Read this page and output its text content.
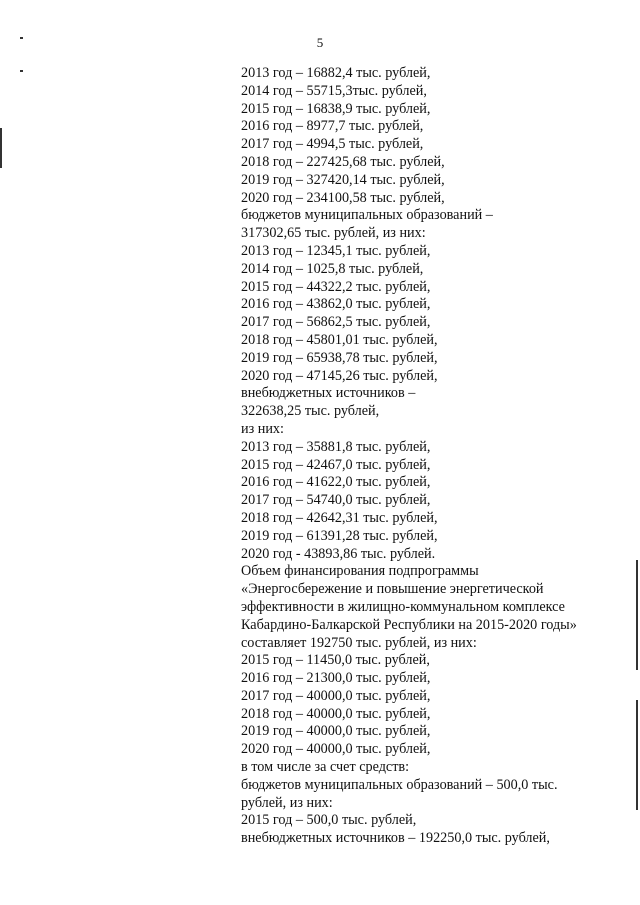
5
2013 год – 16882,4 тыс. рублей,
2014 год – 55715,3тыс. рублей,
2015 год – 16838,9 тыс. рублей,
2016 год – 8977,7 тыс. рублей,
2017 год – 4994,5 тыс. рублей,
2018 год – 227425,68 тыс. рублей,
2019 год – 327420,14 тыс. рублей,
2020 год – 234100,58 тыс. рублей,
бюджетов муниципальных образований –
317302,65 тыс. рублей, из них:
2013 год – 12345,1 тыс. рублей,
2014 год – 1025,8 тыс. рублей,
2015 год – 44322,2 тыс. рублей,
2016 год – 43862,0 тыс. рублей,
2017 год – 56862,5 тыс. рублей,
2018 год – 45801,01 тыс. рублей,
2019 год – 65938,78 тыс. рублей,
2020 год – 47145,26 тыс. рублей,
внебюджетных источников –
322638,25 тыс. рублей,
из них:
2013 год – 35881,8 тыс. рублей,
2015 год – 42467,0 тыс. рублей,
2016 год – 41622,0 тыс. рублей,
2017 год – 54740,0 тыс. рублей,
2018 год – 42642,31 тыс. рублей,
2019 год – 61391,28 тыс. рублей,
2020 год - 43893,86 тыс. рублей.
Объем финансирования подпрограммы
«Энергосбережение и повышение энергетической
эффективности в жилищно-коммунальном комплексе
Кабардино-Балкарской Республики на 2015-2020 годы»
составляет 192750 тыс. рублей, из них:
2015 год – 11450,0 тыс. рублей,
2016 год – 21300,0 тыс. рублей,
2017 год – 40000,0 тыс. рублей,
2018 год – 40000,0 тыс. рублей,
2019 год – 40000,0 тыс. рублей,
2020 год – 40000,0 тыс. рублей,
в том числе за счет средств:
бюджетов муниципальных образований – 500,0 тыс.
рублей, из них:
2015 год – 500,0 тыс. рублей,
внебюджетных источников – 192250,0 тыс. рублей,
